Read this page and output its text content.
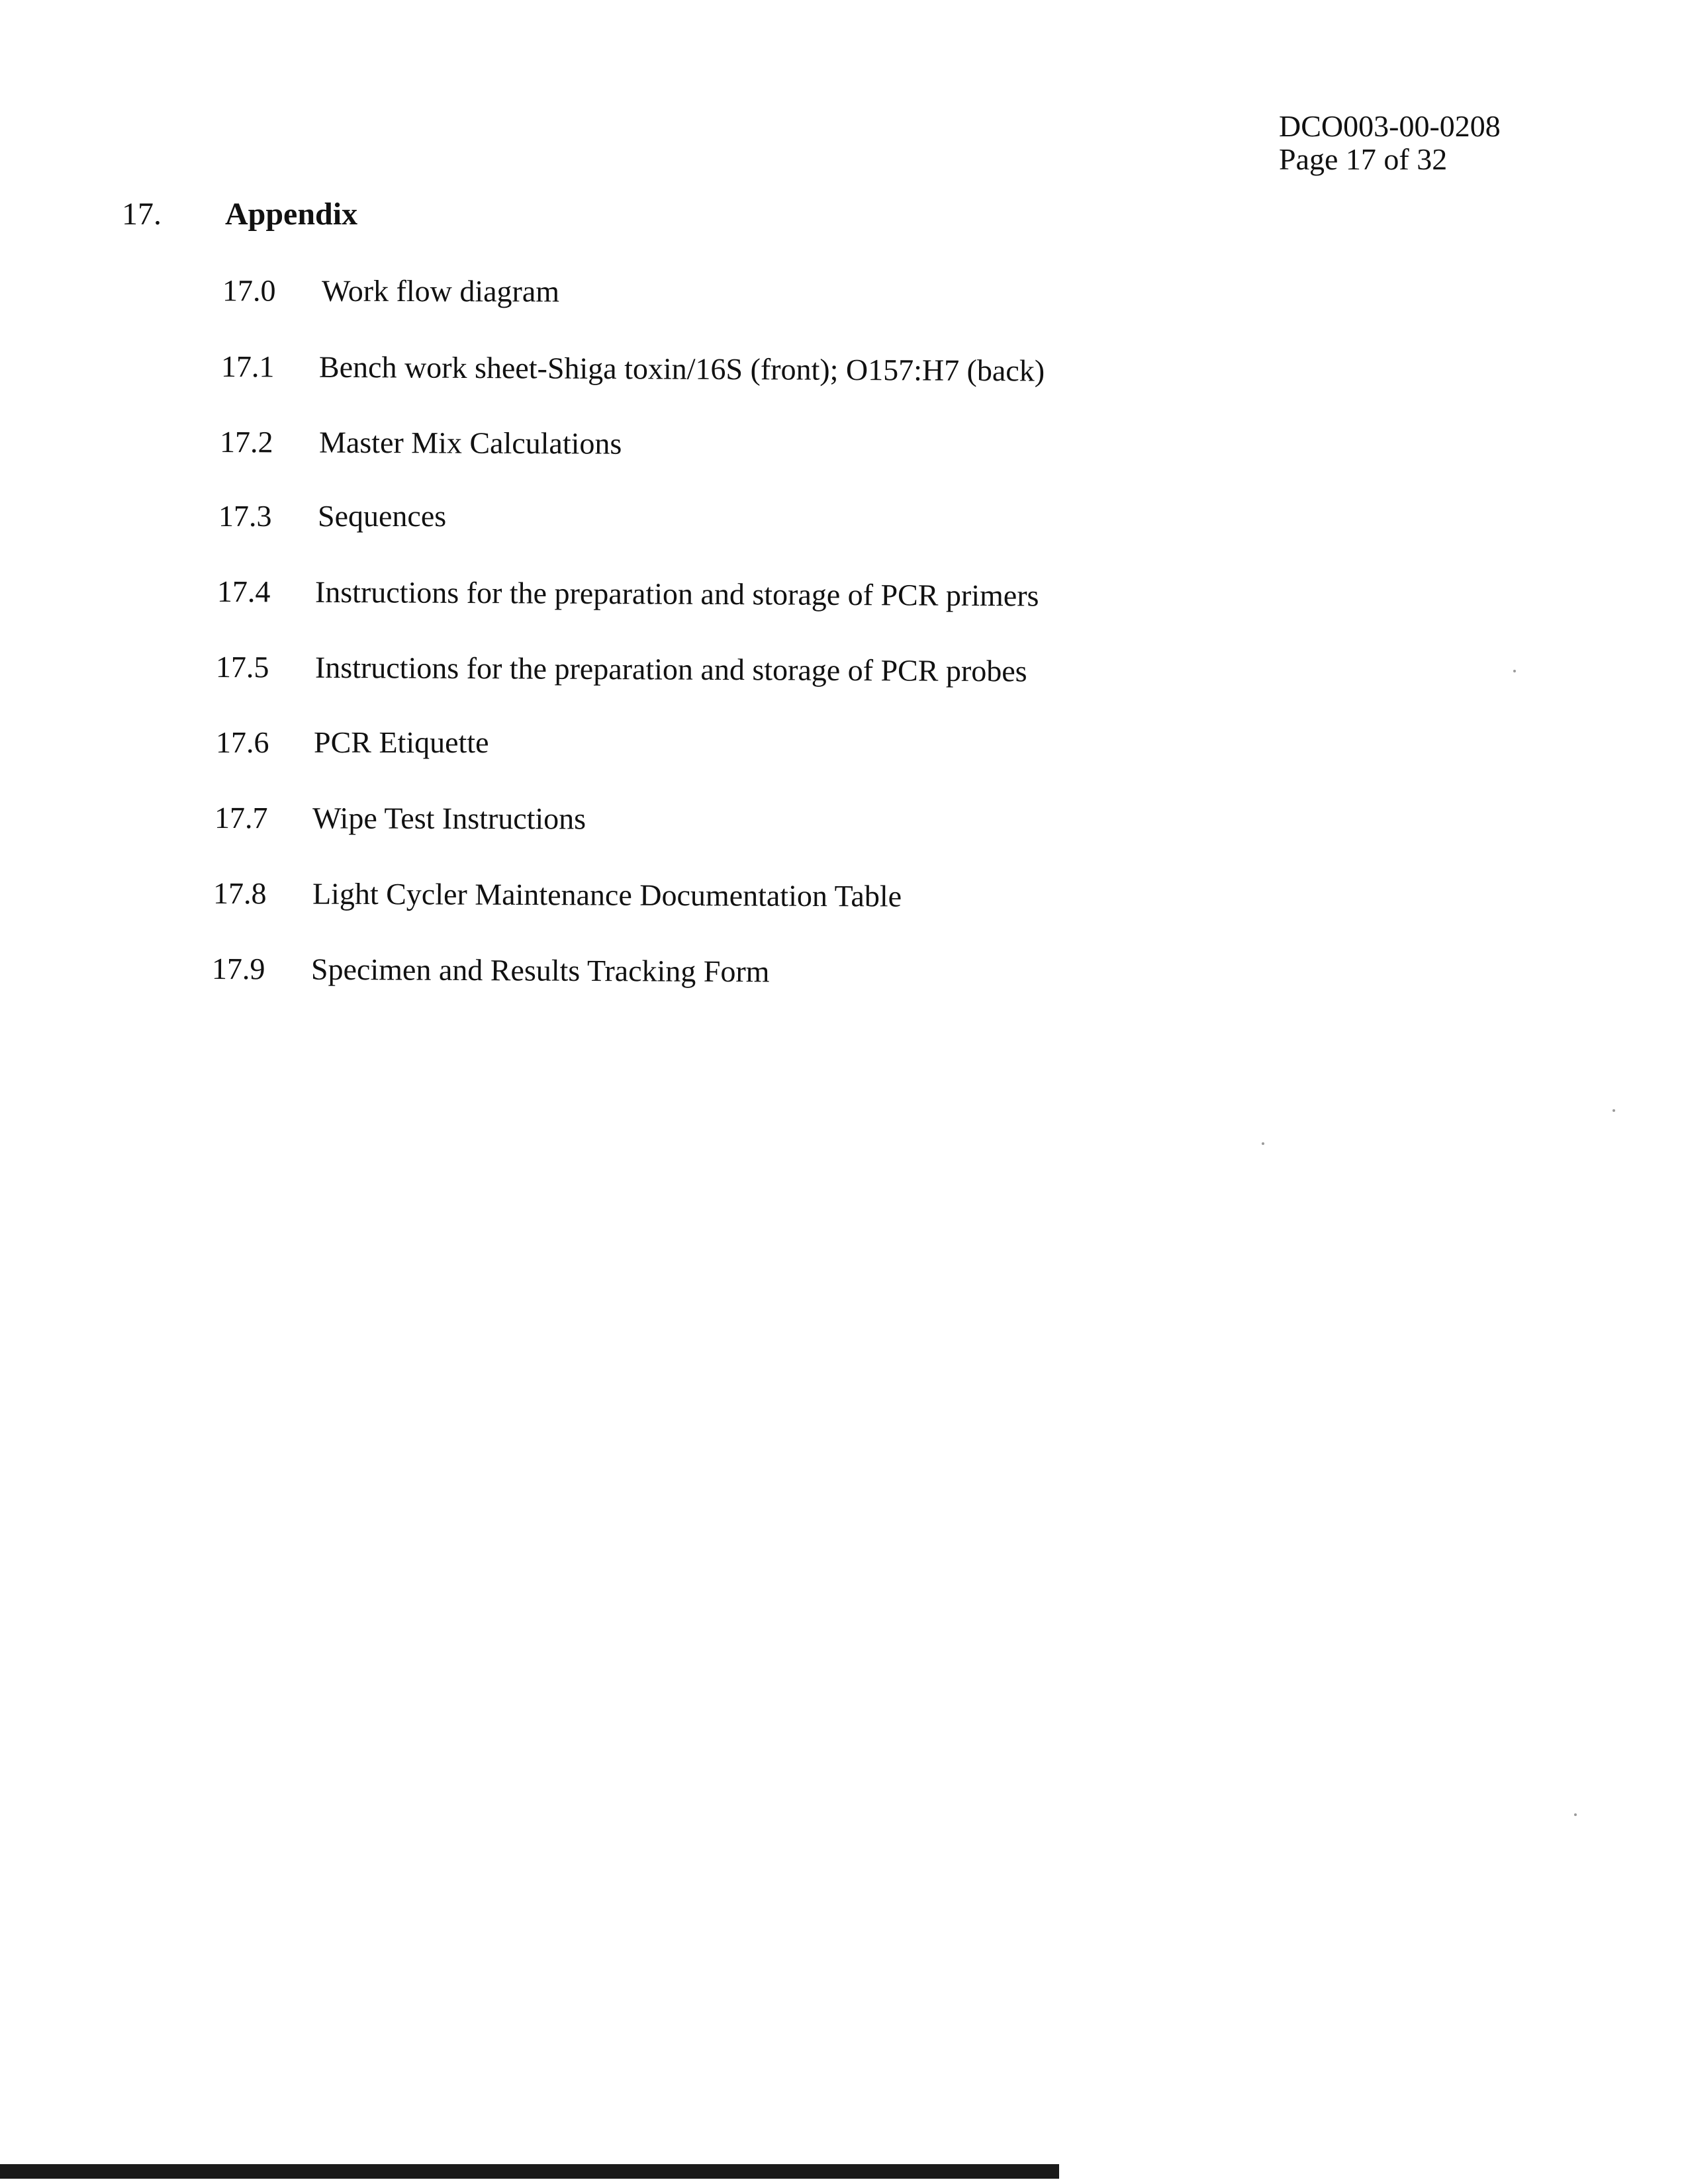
DCO003-00-0208
Page 17 of 32
17. Appendix
17.0 Work flow diagram
17.1 Bench work sheet-Shiga toxin/16S (front); O157:H7 (back)
17.2 Master Mix Calculations
17.3 Sequences
17.4 Instructions for the preparation and storage of PCR primers
17.5 Instructions for the preparation and storage of PCR probes
17.6 PCR Etiquette
17.7 Wipe Test Instructions
17.8 Light Cycler Maintenance Documentation Table
17.9 Specimen and Results Tracking Form
